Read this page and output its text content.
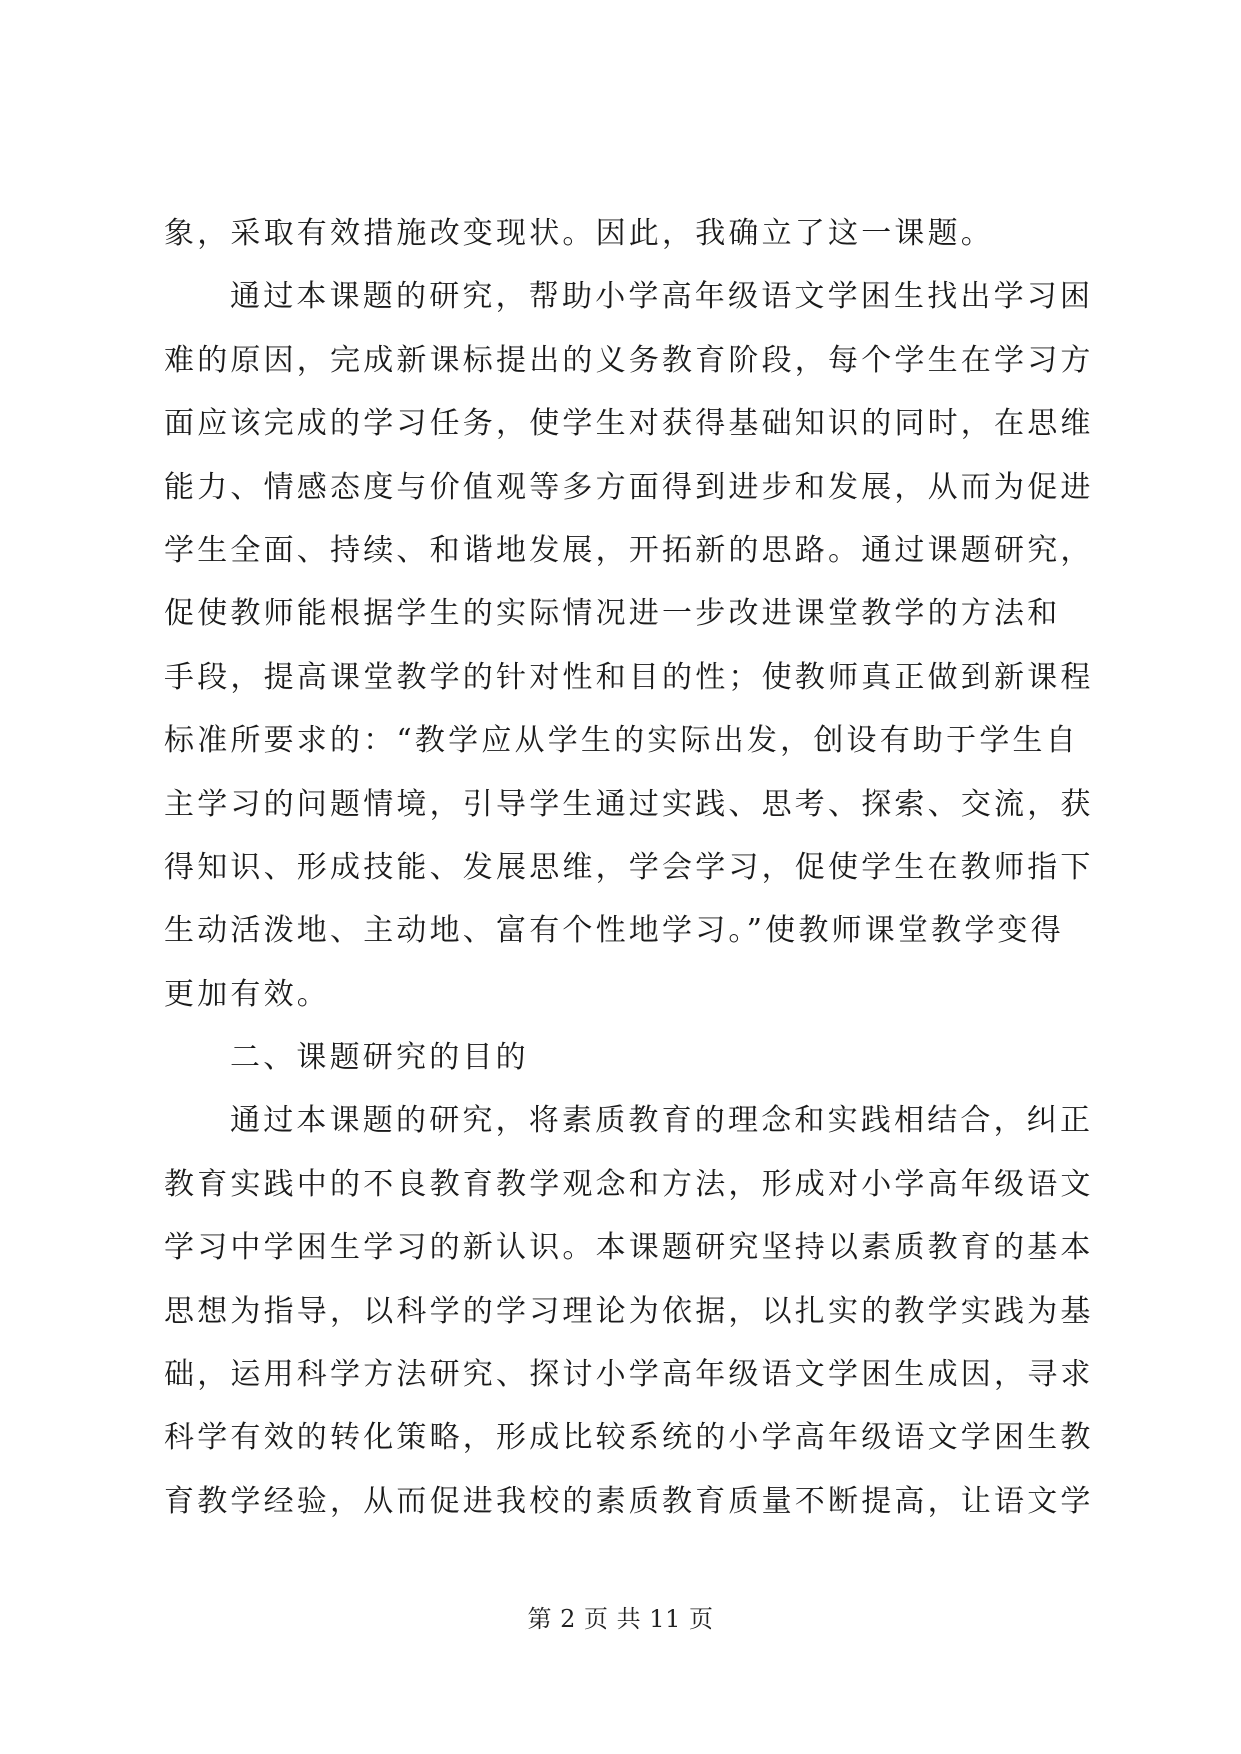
象，采取有效措施改变现状。因此，我确立了这一课题。
通过本课题的研究，帮助小学高年级语文学困生找出学习困
难的原因，完成新课标提出的义务教育阶段，每个学生在学习方
面应该完成的学习任务，使学生对获得基础知识的同时，在思维
能力、情感态度与价值观等多方面得到进步和发展，从而为促进
学生全面、持续、和谐地发展，开拓新的思路。通过课题研究，
促使教师能根据学生的实际情况进一步改进课堂教学的方法和
手段，提高课堂教学的针对性和目的性；使教师真正做到新课程
标准所要求的：“教学应从学生的实际出发，创设有助于学生自
主学习的问题情境，引导学生通过实践、思考、探索、交流，获
得知识、形成技能、发展思维，学会学习，促使学生在教师指下
生动活泼地、主动地、富有个性地学习。”使教师课堂教学变得
更加有效。
二、课题研究的目的
通过本课题的研究，将素质教育的理念和实践相结合，纠正
教育实践中的不良教育教学观念和方法，形成对小学高年级语文
学习中学困生学习的新认识。本课题研究坚持以素质教育的基本
思想为指导，以科学的学习理论为依据，以扎实的教学实践为基
础，运用科学方法研究、探讨小学高年级语文学困生成因，寻求
科学有效的转化策略，形成比较系统的小学高年级语文学困生教
育教学经验，从而促进我校的素质教育质量不断提高，让语文学
第 2 页 共 11 页
